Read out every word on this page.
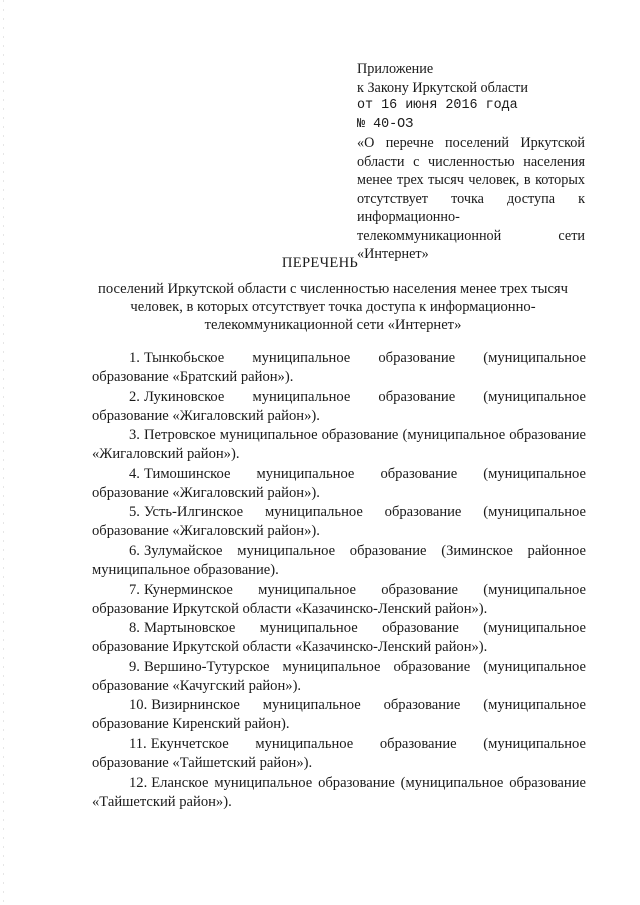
Приложение
к Закону Иркутской области
от 16 июня 2016 года
№ 40-ОЗ
«О перечне поселений Иркутской области с численностью населения менее трех тысяч человек, в которых отсутствует точка доступа к информационно-телекоммуникационной сети «Интернет»
ПЕРЕЧЕНЬ
поселений Иркутской области с численностью населения менее трех тысяч человек, в которых отсутствует точка доступа к информационно-телекоммуникационной сети «Интернет»

1. Тынкобьское муниципальное образование (муниципальное образование «Братский район»).

2. Лукиновское муниципальное образование (муниципальное образование «Жигаловский район»).

3. Петровское муниципальное образование (муниципальное образование «Жигаловский район»).

4. Тимошинское муниципальное образование (муниципальное образование «Жигаловский район»).

5. Усть-Илгинское муниципальное образование (муниципальное образование «Жигаловский район»).

6. Зулумайское муниципальное образование (Зиминское районное муниципальное образование).

7. Кунерминское муниципальное образование (муниципальное образование Иркутской области «Казачинско-Ленский район»).

8. Мартыновское муниципальное образование (муниципальное образование Иркутской области «Казачинско-Ленский район»).

9. Вершино-Тутурское муниципальное образование (муниципальное образование «Качугский район»).

10. Визирнинское муниципальное образование (муниципальное образование Киренский район).

11. Екунчетское муниципальное образование (муниципальное образование «Тайшетский район»).

12. Еланское муниципальное образование (муниципальное образование «Тайшетский район»).
